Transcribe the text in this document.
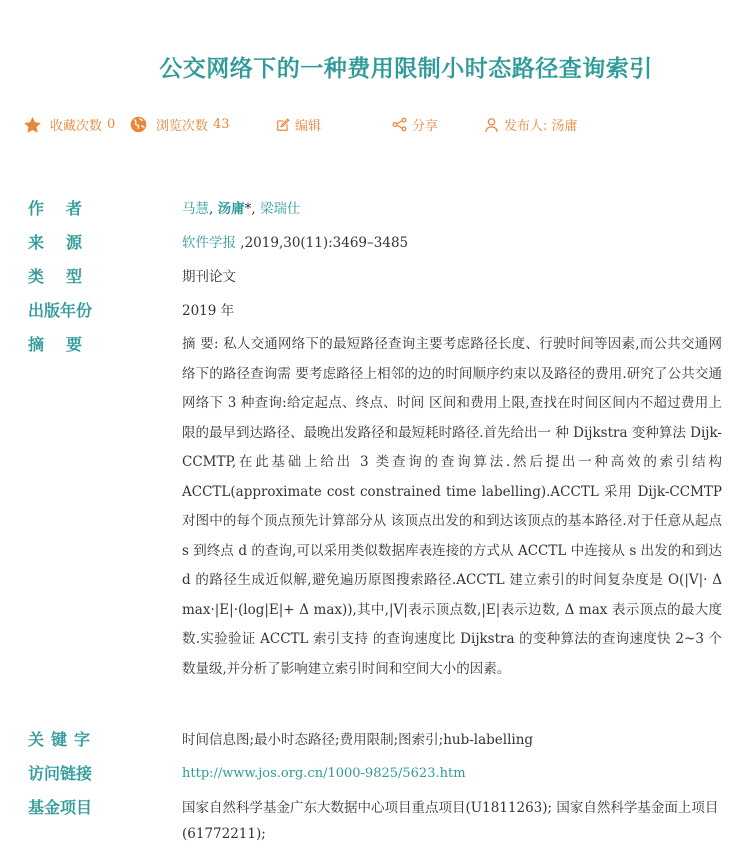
公交网络下的一种费用限制小时态路径查询索引
收藏次数 0	浏览次数 43	编辑	分享	发布人: 汤庸
作者	马慧, 汤庸*, 梁瑞仕
来源	软件学报 ,2019,30(11):3469–3485
类型	期刊论文
出版年份	2019 年
摘要	摘 要: 私人交通网络下的最短路径查询主要考虑路径长度、行驶时间等因素,而公共交通网络下的路径查询需 要考虑路径上相邻的边的时间顺序约束以及路径的费用.研究了公共交通网络下 3 种查询:给定起点、终点、时间 区间和费用上限,查找在时间区间内不超过费用上限的最早到达路径、最晚出发路径和最短耗时路径.首先给出一 种 Dijkstra 变种算法 Dijk-CCMTP,在此基础上给出 3 类查询的查询算法.然后提出一种高效的索引结构 ACCTL(approximate cost constrained time labelling).ACCTL 采用 Dijk-CCMTP 对图中的每个顶点预先计算部分从 该顶点出发的和到达该顶点的基本路径.对于任意从起点 s 到终点 d 的查询,可以采用类似数据库表连接的方式从 ACCTL 中连接从 s 出发的和到达 d 的路径生成近似解,避免遍历原图搜索路径.ACCTL 建立索引的时间复杂度是 O(|V|· Δ max·|E|·(log|E|+ Δ max)),其中,|V|表示顶点数,|E|表示边数, Δ max 表示顶点的最大度数.实验验证 ACCTL 索引支持 的查询速度比 Dijkstra 的变种算法的查询速度快 2~3 个数量级,并分析了影响建立索引时间和空间大小的因素。
关键字	时间信息图;最小时态路径;费用限制;图索引;hub-labelling
访问链接	http://www.jos.org.cn/1000-9825/5623.htm
基金项目	国家自然科学基金广东大数据中心项目重点项目(U1811263); 国家自然科学基金面上项目(61772211);
